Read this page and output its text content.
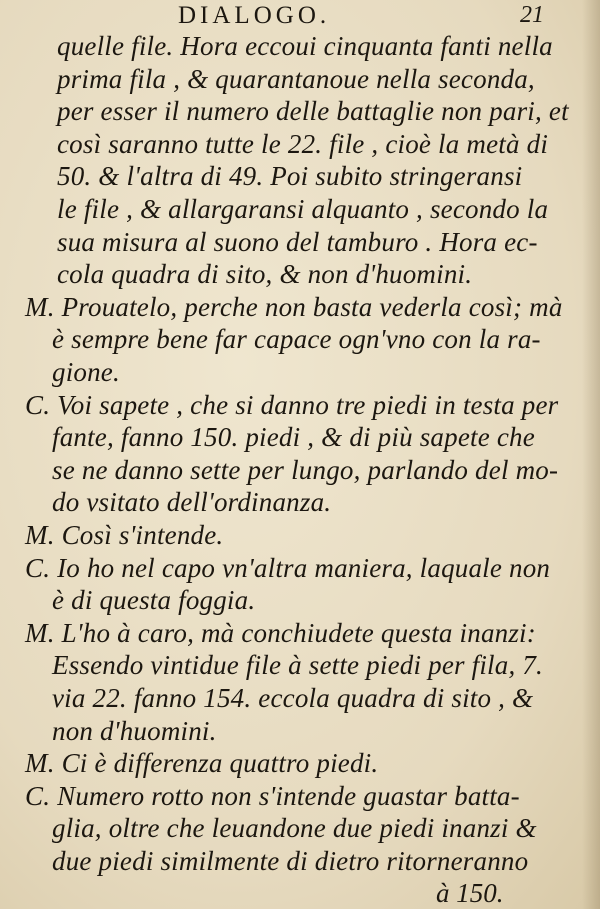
DIALOGO.	21
quelle file. Hora eccoui cinquanta fanti nella
prima fila , & quarantanoue nella seconda,
per esser il numero delle battaglie non pari, et
così saranno tutte le 22. file , cioè la metà di
50. & l'altra di 49. Poi subito stringeransi
le file , & allargaransi alquanto , secondo la
sua misura al suono del tamburo . Hora ec-
cola quadra di sito, & non d'huomini.
M. Prouatelo, perche non basta vederla così; mà
è sempre bene far capace ogn'vno con la ra-
gione.
C. Voi sapete , che si danno tre piedi in testa per
fante, fanno 150. piedi , & di più sapete che
se ne danno sette per lungo, parlando del mo-
do vsitato dell'ordinanza.
M. Così s'intende.
C. Io ho nel capo vn'altra maniera, laquale non
è di questa foggia.
M. L'ho à caro, mà conchiudete questa inanzi:
Essendo vintidue file à sette piedi per fila, 7.
via 22. fanno 154. eccola quadra di sito , &
non d'huomini.
M. Ci è differenza quattro piedi.
C. Numero rotto non s'intende guastar batta-
glia, oltre che leuandone due piedi inanzi &
due piedi similmente di dietro ritorneranno
à 150.
